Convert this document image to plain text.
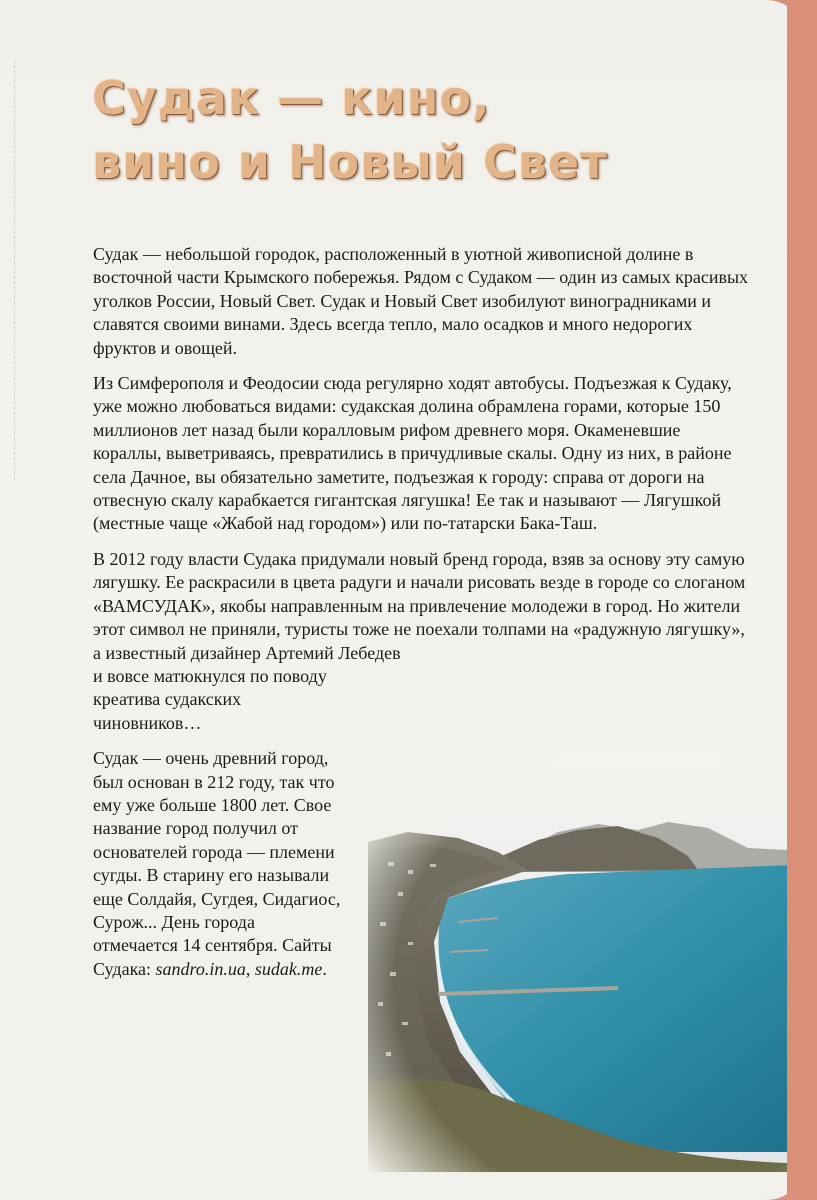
Судак — кино,
вино и Новый Свет

Судак — небольшой городок, расположенный в уютной живописной долине в восточной части Крымского побережья. Рядом с Судаком — один из самых красивых уголков России, Новый Свет. Судак и Новый Свет изобилуют виноградниками и славятся своими винами. Здесь всегда тепло, мало осадков и много недорогих фруктов и овощей.

Из Симферополя и Феодосии сюда регулярно ходят автобусы. Подъезжая к Судаку, уже можно любоваться видами: судакская долина обрамлена горами, которые 150 миллионов лет назад были коралловым рифом древнего моря. Окаменевшие кораллы, выветриваясь, превратились в причудливые скалы. Одну из них, в районе села Дачное, вы обязательно заметите, подъезжая к городу: справа от дороги на отвесную скалу карабкается гигантская лягушка! Ее так и называют — Лягушкой (местные чаще «Жабой над городом») или по-татарски Бака-Таш.

В 2012 году власти Судака придумали новый бренд города, взяв за основу эту самую лягушку. Ее раскрасили в цвета радуги и начали рисовать везде в городе со слоганом «ВАМСУДАК», якобы направленным на привлечение молодежи в город. Но жители этот символ не приняли, туристы тоже не поехали толпами на «радужную лягушку», а известный дизайнер Артемий Лебедев

и вовсе матюкнулся по поводу креатива судакских чиновников…

Судак — очень древний город, был основан в 212 году, так что ему уже больше 1800 лет. Свое название город получил от основателей города — племени сугды. В старину его называли еще Солдайя, Сугдея, Сидагиос, Сурож... День города отмечается 14 сентября. Сайты Судака: sandro.in.ua, sudak.me.
